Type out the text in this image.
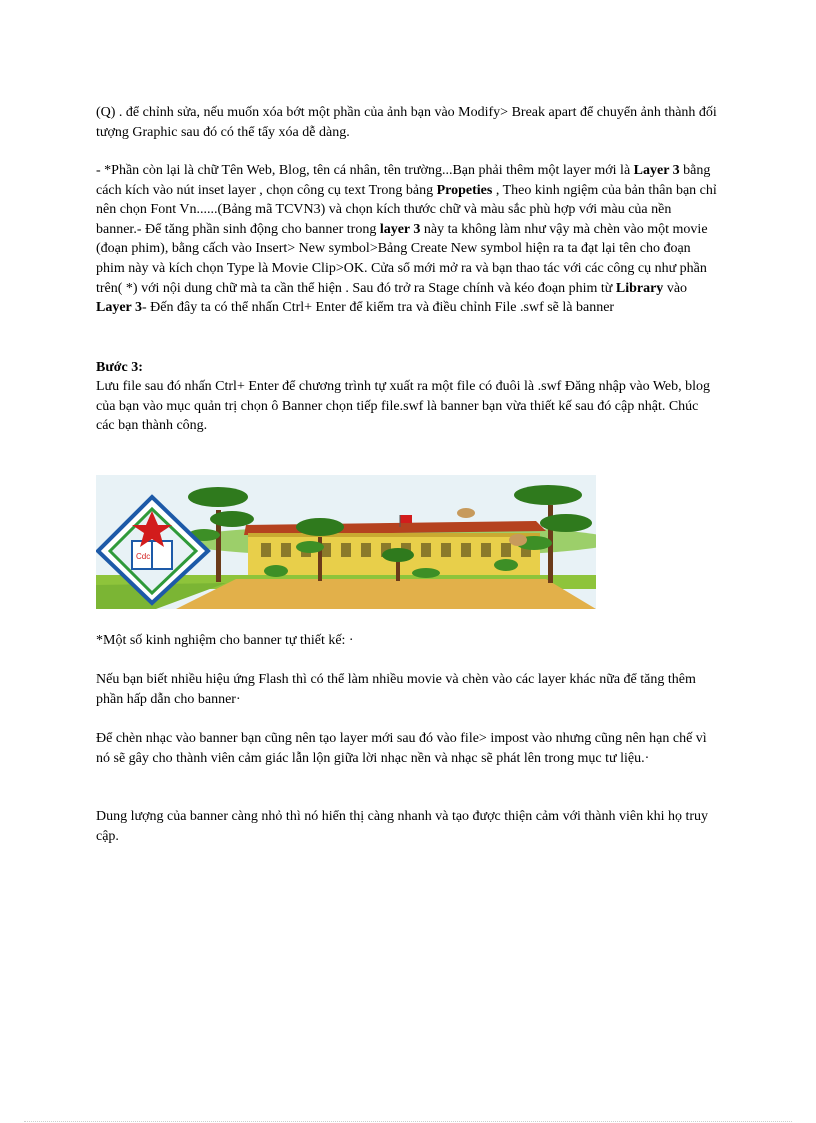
(Q) . để chỉnh sửa, nếu muốn xóa bớt một phần của ảnh bạn vào Modify> Break apart để chuyển ảnh thành đối tượng Graphic sau đó có thể tẩy xóa dễ dàng.

- *Phần còn lại là chữ Tên Web, Blog, tên cá nhân, tên trường...Bạn phải thêm một layer mới là Layer 3 bằng cách kích vào nút inset layer , chọn công cụ text Trong bảng Propeties , Theo kinh ngiệm của bản thân bạn chỉ nên chọn Font Vn......(Bảng mã TCVN3) và chọn kích thước chữ và màu sắc phù hợp với màu của nền banner.- Để tăng phần sinh động cho banner trong layer 3 này ta không làm như vậy mà chèn vào một movie (đoạn phim), bằng cấch vào Insert> New symbol>Bảng Create New symbol hiện ra ta đạt lại tên cho đoạn phim này và kích chọn Type là Movie Clip>OK. Cửa sổ mới mở ra và bạn thao tác với các công cụ như phần trên( *) với nội dung chữ mà ta cần thể hiện . Sau đó trở ra Stage chính và kéo đoạn phim từ Library vào Layer 3- Đến đây ta có thể nhấn Ctrl+ Enter để kiểm tra và điều chỉnh File .swf sẽ là banner

Bước 3:

Lưu file sau đó nhấn Ctrl+ Enter để chương trình tự xuất ra một file có đuôi là .swf Đăng nhập vào Web, blog của bạn vào mục quản trị chọn ô Banner chọn tiếp file.swf là banner bạn vừa thiết kế sau đó cập nhật. Chúc các bạn thành công.

Cdc

*Một số kinh nghiệm cho banner tự thiết kế: ·

Nếu bạn biết nhiều hiệu ứng Flash thì có thể làm nhiều movie và chèn vào các layer khác nữa để tăng thêm phần hấp dẫn cho banner·

Để chèn nhạc vào banner bạn cũng nên tạo layer mới sau đó vào file> impost vào nhưng cũng nên hạn chế vì nó sẽ gây cho thành viên cảm giác lẫn lộn giữa lời nhạc nền và nhạc sẽ phát lên trong mục tư liệu.·

Dung lượng của banner càng nhỏ thì nó hiển thị càng nhanh và tạo được thiện cảm với thành viên khi họ truy cập.
